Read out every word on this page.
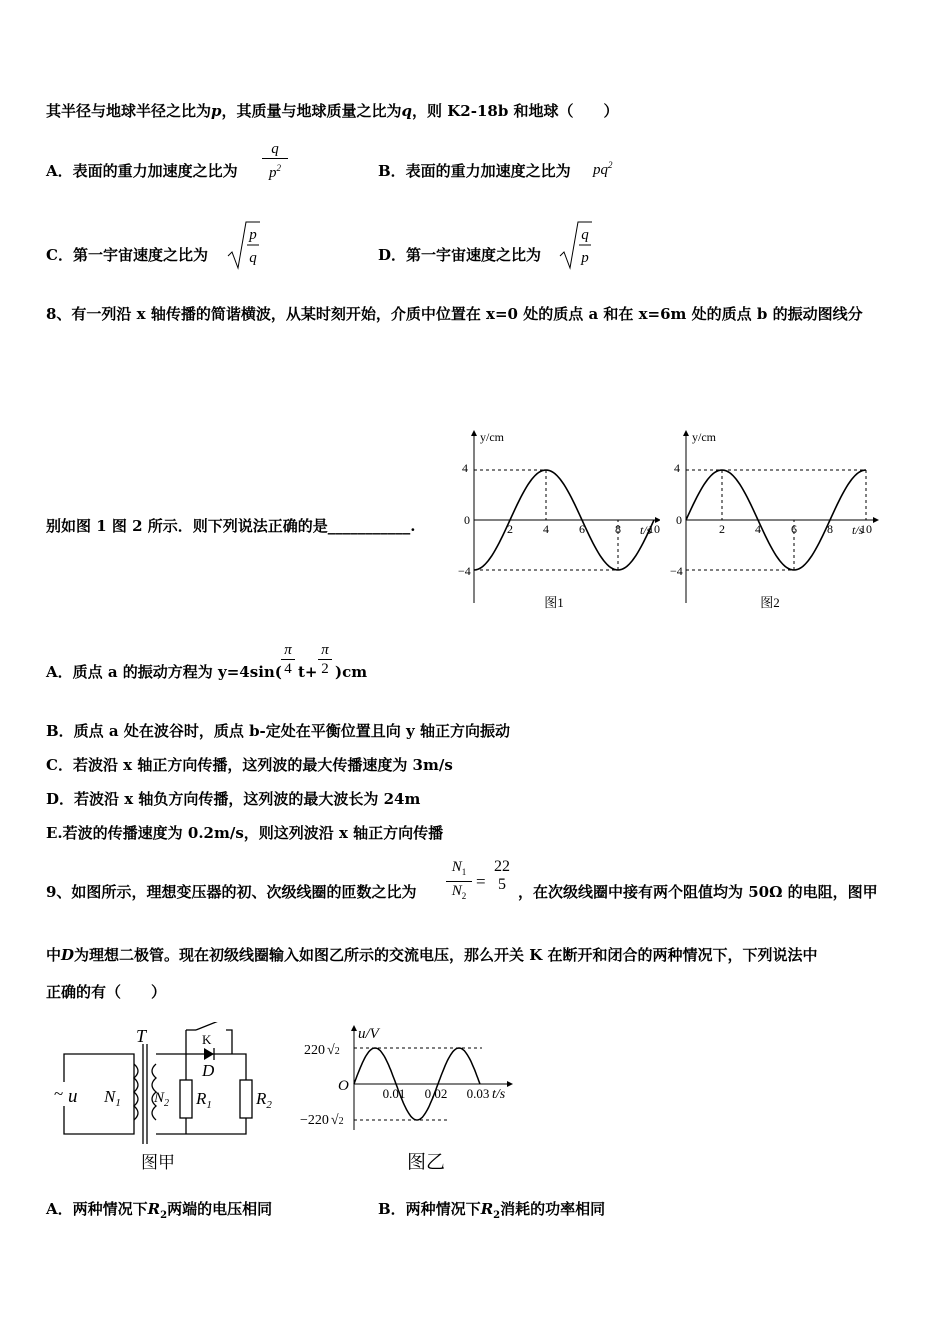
其半径与地球半径之比为p，其质量与地球质量之比为q，则 K2-18b 和地球（　　）
A．表面的重力加速度之比为
q
$p^2$	B．表面的重力加速度之比为 $pq^2$
C．第一宇宙速度之比为
p
q	D．第一宇宙速度之比为
q
p
8、有一列沿 x 轴传播的简谐横波，从某时刻开始，介质中位置在 x=0 处的质点 a 和在 x=6m 处的质点 b 的振动图线分
别如图 1 图 2 所示．则下列说法正确的是___________.
y/cm
t/s
0
4
−4
2	4	6	8 10
图1
y/cm
t/s
0
4
−4
2	4	6	8 10
图2
A．质点 a 的振动方程为 y=4sin(
π
4 t+
π
2 )cm
B．质点 a 处在波谷时，质点 b-定处在平衡位置且向 y 轴正方向振动
C．若波沿 x 轴正方向传播，这列波的最大传播速度为 3m/s
D．若波沿 x 轴负方向传播，这列波的最大波长为 24m
E.若波的传播速度为 0.2m/s，则这列波沿 x 轴正方向传播
9、如图所示，理想变压器的初、次级线圈的匝数之比为
$N_1$
$N_2$
=
22
5 ，在次级线圈中接有两个阻值均为 50Ω 的电阻，图甲
中D为理想二极管。现在初级线圈输入如图乙所示的交流电压，那么开关 K 在断开和闭合的两种情况下，下列说法中
正确的有（　　）
~ u
T	K
D
$N_1$ $N_2$ $R_1$	$R_2$
图甲
u/V
t/s
O
220 √2
−220 √2
0.01 0.02 0.03
图乙
A．两种情况下$R_2$两端的电压相同	B．两种情况下$R_2$消耗的功率相同
